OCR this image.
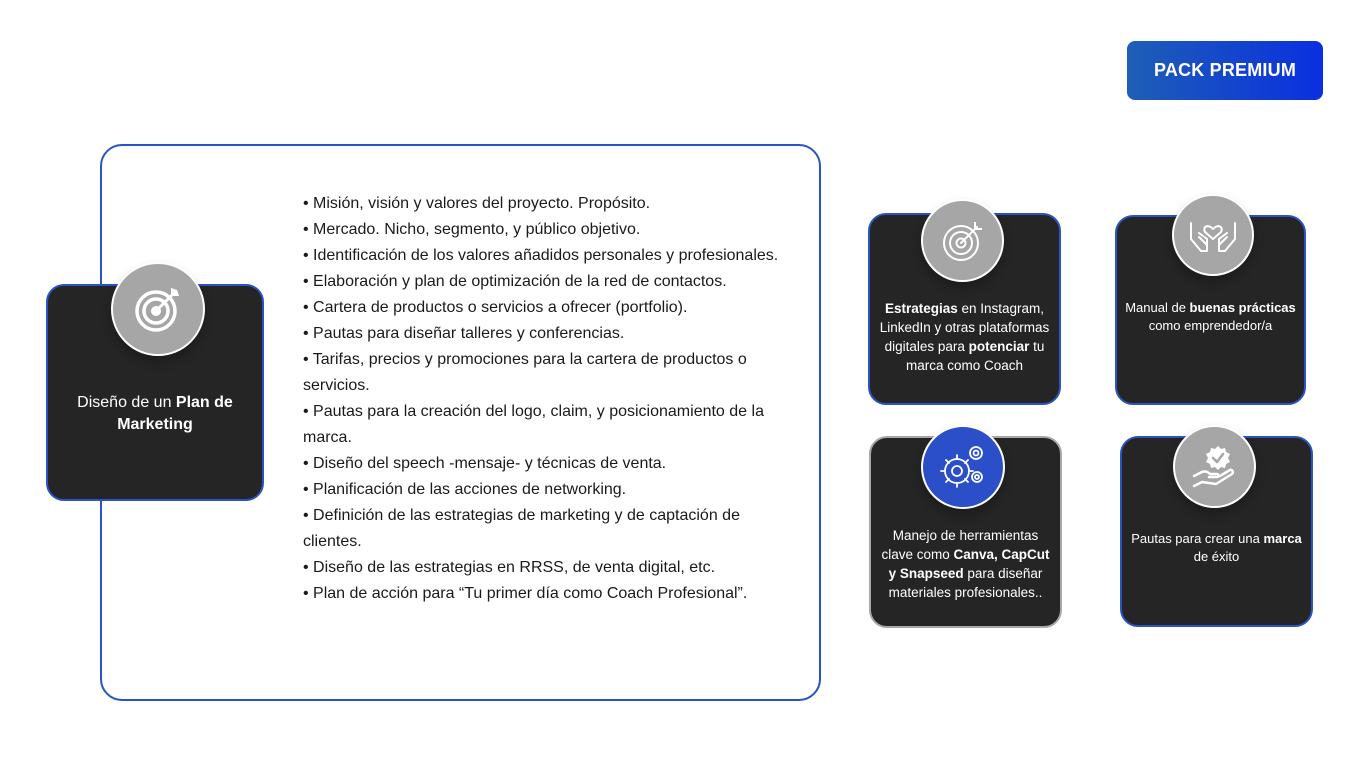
PACK PREMIUM
• Misión, visión y valores del proyecto. Propósito.
• Mercado. Nicho, segmento, y público objetivo.
• Identificación de los valores añadidos personales y profesionales.
• Elaboración y plan de optimización de la red de contactos.
• Cartera de productos o servicios a ofrecer (portfolio).
• Pautas para diseñar talleres y conferencias.
• Tarifas, precios y promociones para la cartera de productos o servicios.
• Pautas para la creación del logo, claim, y posicionamiento de la marca.
• Diseño del speech -mensaje- y técnicas de venta.
• Planificación de las acciones de networking.
• Definición de las estrategias de marketing y de captación de clientes.
• Diseño de las estrategias en RRSS, de venta digital, etc.
• Plan de acción para “Tu primer día como Coach Profesional”.
Diseño de un Plan de Marketing
Estrategias en Instagram, LinkedIn y otras plataformas digitales para potenciar tu marca como Coach
Manual de buenas prácticas como emprendedor/a
Manejo de herramientas clave como Canva, CapCut y Snapseed para diseñar materiales profesionales..
Pautas para crear una marca de éxito
